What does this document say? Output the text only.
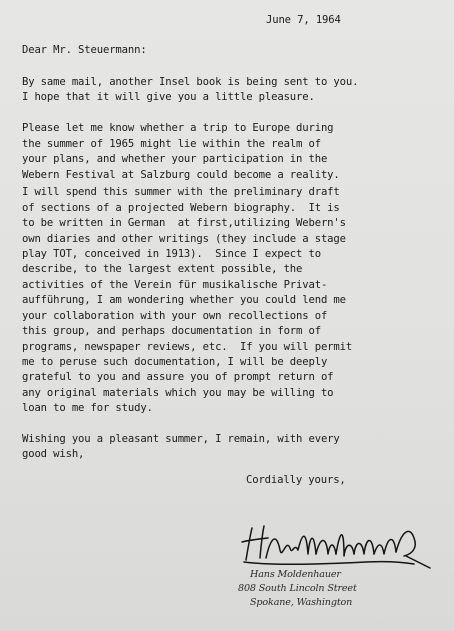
June 7, 1964
Dear Mr. Steuermann:
By same mail, another Insel book is being sent to you.
I hope that it will give you a little pleasure.
Please let me know whether a trip to Europe during
the summer of 1965 might lie within the realm of
your plans, and whether your participation in the
Webern Festival at Salzburg could become a reality.
I will spend this summer with the preliminary draft
of sections of a projected Webern biography.  It is
to be written in German  at first,utilizing Webern's
own diaries and other writings (they include a stage
play TOT, conceived in 1913).  Since I expect to
describe, to the largest extent possible, the
activities of the Verein für musikalische Privat-
aufführung, I am wondering whether you could lend me
your collaboration with your own recollections of
this group, and perhaps documentation in form of
programs, newspaper reviews, etc.  If you will permit
me to peruse such documentation, I will be deeply
grateful to you and assure you of prompt return of
any original materials which you may be willing to
loan to me for study.
Wishing you a pleasant summer, I remain, with every
good wish,
Cordially yours,
Hans Moldenhauer
808 South Lincoln Street
Spokane, Washington
